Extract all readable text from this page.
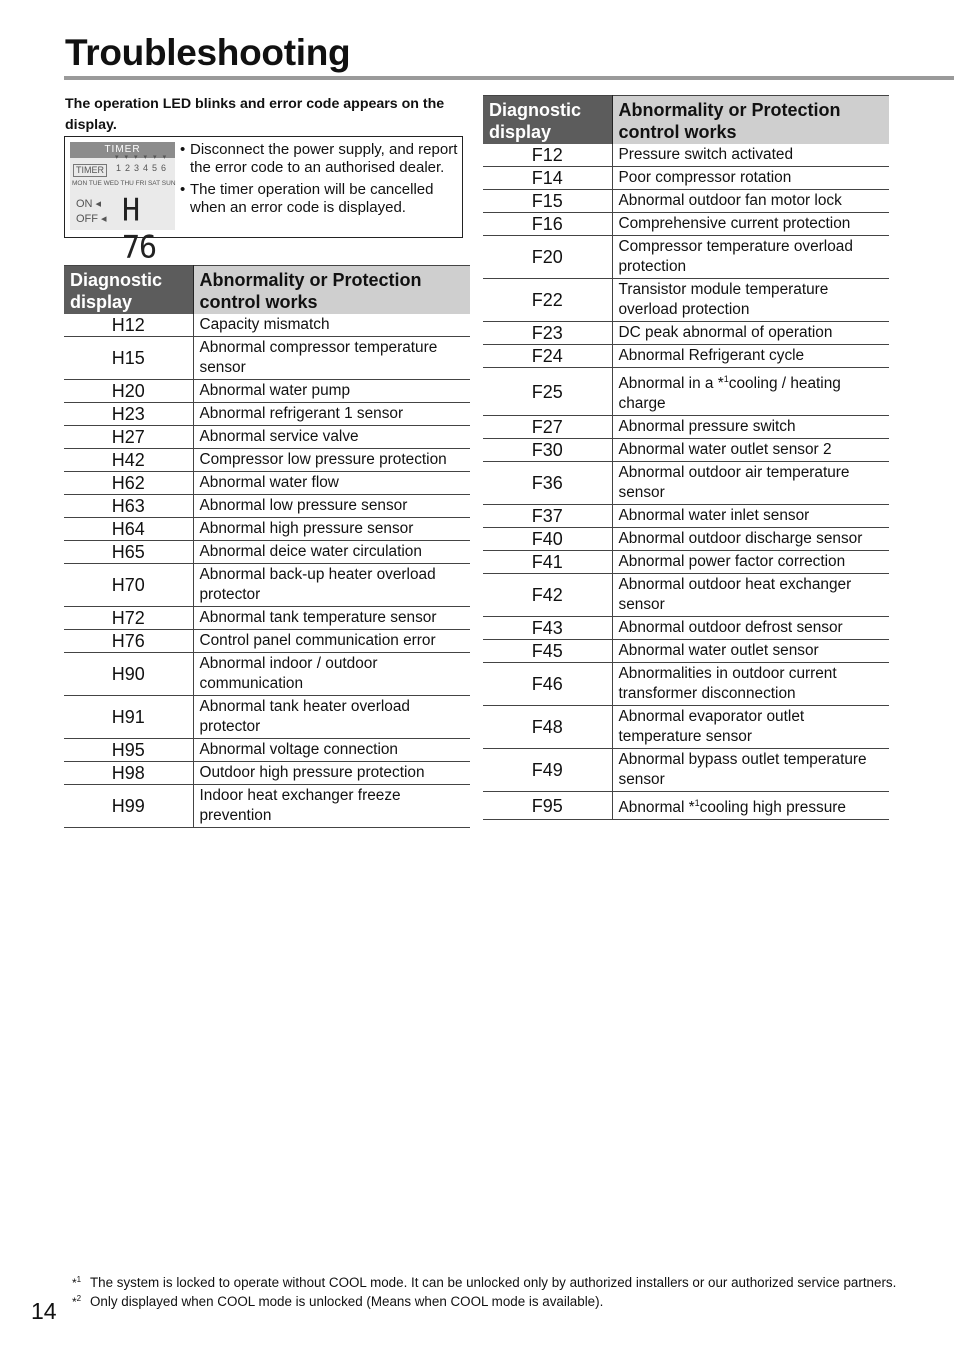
Troubleshooting
The operation LED blinks and error code appears on the display.
TIMER
▾▾▾▾▾▾
TIMER	123456
MON TUE WED THU FRI SAT SUN
ON ◂
OFF ◂ H 76
• Disconnect the power supply, and report the error code to an authorised dealer.
• The timer operation will be cancelled when an error code is displayed.
Diagnostic display	Abnormality or Protection control works
H12	Capacity mismatch
H15	Abnormal compressor temperature sensor
H20	Abnormal water pump
H23	Abnormal refrigerant 1 sensor
H27	Abnormal service valve
H42	Compressor low pressure protection
H62	Abnormal water flow
H63	Abnormal low pressure sensor
H64	Abnormal high pressure sensor
H65	Abnormal deice water circulation
H70	Abnormal back-up heater overload protector
H72	Abnormal tank temperature sensor
H76	Control panel communication error
H90	Abnormal indoor / outdoor communication
H91	Abnormal tank heater overload protector
H95	Abnormal voltage connection
H98	Outdoor high pressure protection
H99	Indoor heat exchanger freeze prevention
Diagnostic display	Abnormality or Protection control works
F12	Pressure switch activated
F14	Poor compressor rotation
F15	Abnormal outdoor fan motor lock
F16	Comprehensive current protection
F20	Compressor temperature overload protection
F22	Transistor module temperature overload protection
F23	DC peak abnormal of operation
F24	Abnormal Refrigerant cycle
F25	Abnormal in a *$^1$cooling / heating charge
F27	Abnormal pressure switch
F30	Abnormal water outlet sensor 2
F36	Abnormal outdoor air temperature sensor
F37	Abnormal water inlet sensor
F40	Abnormal outdoor discharge sensor
F41	Abnormal power factor correction
F42	Abnormal outdoor heat exchanger sensor
F43	Abnormal outdoor defrost sensor
F45	Abnormal water outlet sensor
F46	Abnormalities in outdoor current transformer disconnection
F48	Abnormal evaporator outlet temperature sensor
F49	Abnormal bypass outlet temperature sensor
F95	Abnormal *$^1$cooling high pressure
*$^1$ The system is locked to operate without COOL mode. It can be unlocked only by authorized installers or our authorized service partners.
*$^2$ Only displayed when COOL mode is unlocked (Means when COOL mode is available).
14
